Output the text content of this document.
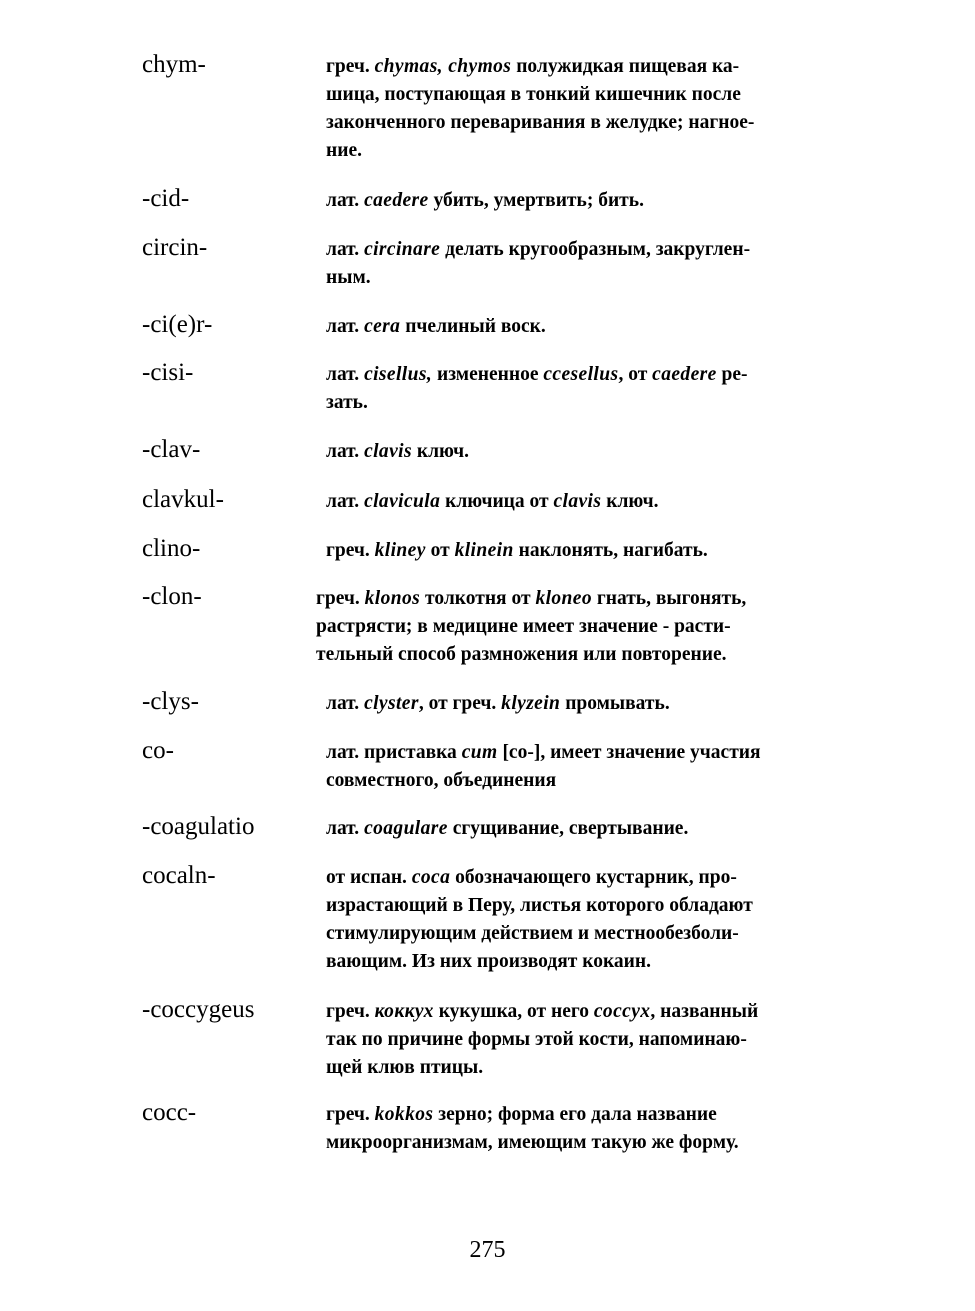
chym-	греч. chymas, chymos полужидкая пищевая ка-
шица, поступающая в тонкий кишечник после
законченного переваривания в желудке; нагное-
ние.
-cid-	лат. caedere убить, умертвить; бить.
circin-	лат. circinare делать кругообразным, закруглен-
ным.
-ci(e)r-	лат. cera пчелиный воск.
-cisi-	лат. cisellus, измененное ccesellus, от caedere ре-
зать.
-clav-	лат. clavis ключ.
clavkul-	лат. clavicula ключица от clavis ключ.
clino-	греч. kliney от klinein наклонять, нагибать.
-clon-	греч. klonos толкотня от kloneo гнать, выгонять,
растрясти; в медицине имеет значение - расти-
тельный способ размножения или повторение.
-clys-	лат. clyster, от греч. klyzein промывать.
co-	лат. приставка cum [co-], имеет значение участия
совместного, объединения
-coagulatio	лат. coagulare сгущивание, свертывание.
cocaln-	от испан. coca обозначающего кустарник, про-
израстающий в Перу, листья которого обладают
стимулирующим действием и местнообезболи-
вающим. Из них производят кокаин.
-coccygeus	греч. коккух кукушка, от него coccyx, названный
так по причине формы этой кости, напоминаю-
щей клюв птицы.
cocc-	греч. kokkos зерно; форма его дала название
микроорганизмам, имеющим такую же форму.
275
